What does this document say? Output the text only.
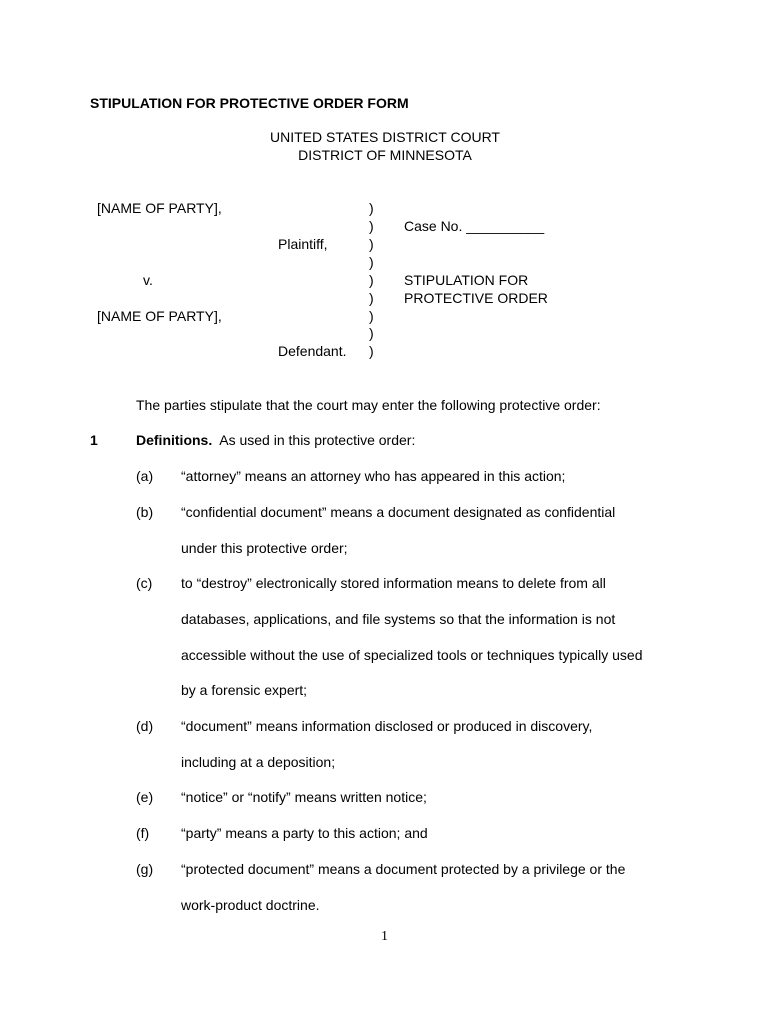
STIPULATION FOR PROTECTIVE ORDER FORM
UNITED STATES DISTRICT COURT
DISTRICT OF MINNESOTA
[NAME OF PARTY],
Plaintiff,
v.
[NAME OF PARTY],
Defendant.
)
)
)
)
)
)
)
)
)
Case No. __________
STIPULATION FOR
PROTECTIVE ORDER
The parties stipulate that the court may enter the following protective order:
1	Definitions. As used in this protective order:
(a) “attorney” means an attorney who has appeared in this action;
(b) “confidential document” means a document designated as confidential
under this protective order;
(c) to “destroy” electronically stored information means to delete from all
databases, applications, and file systems so that the information is not
accessible without the use of specialized tools or techniques typically used
by a forensic expert;
(d) “document” means information disclosed or produced in discovery,
including at a deposition;
(e) “notice” or “notify” means written notice;
(f) “party” means a party to this action; and
(g) “protected document” means a document protected by a privilege or the
work-product doctrine.
1
